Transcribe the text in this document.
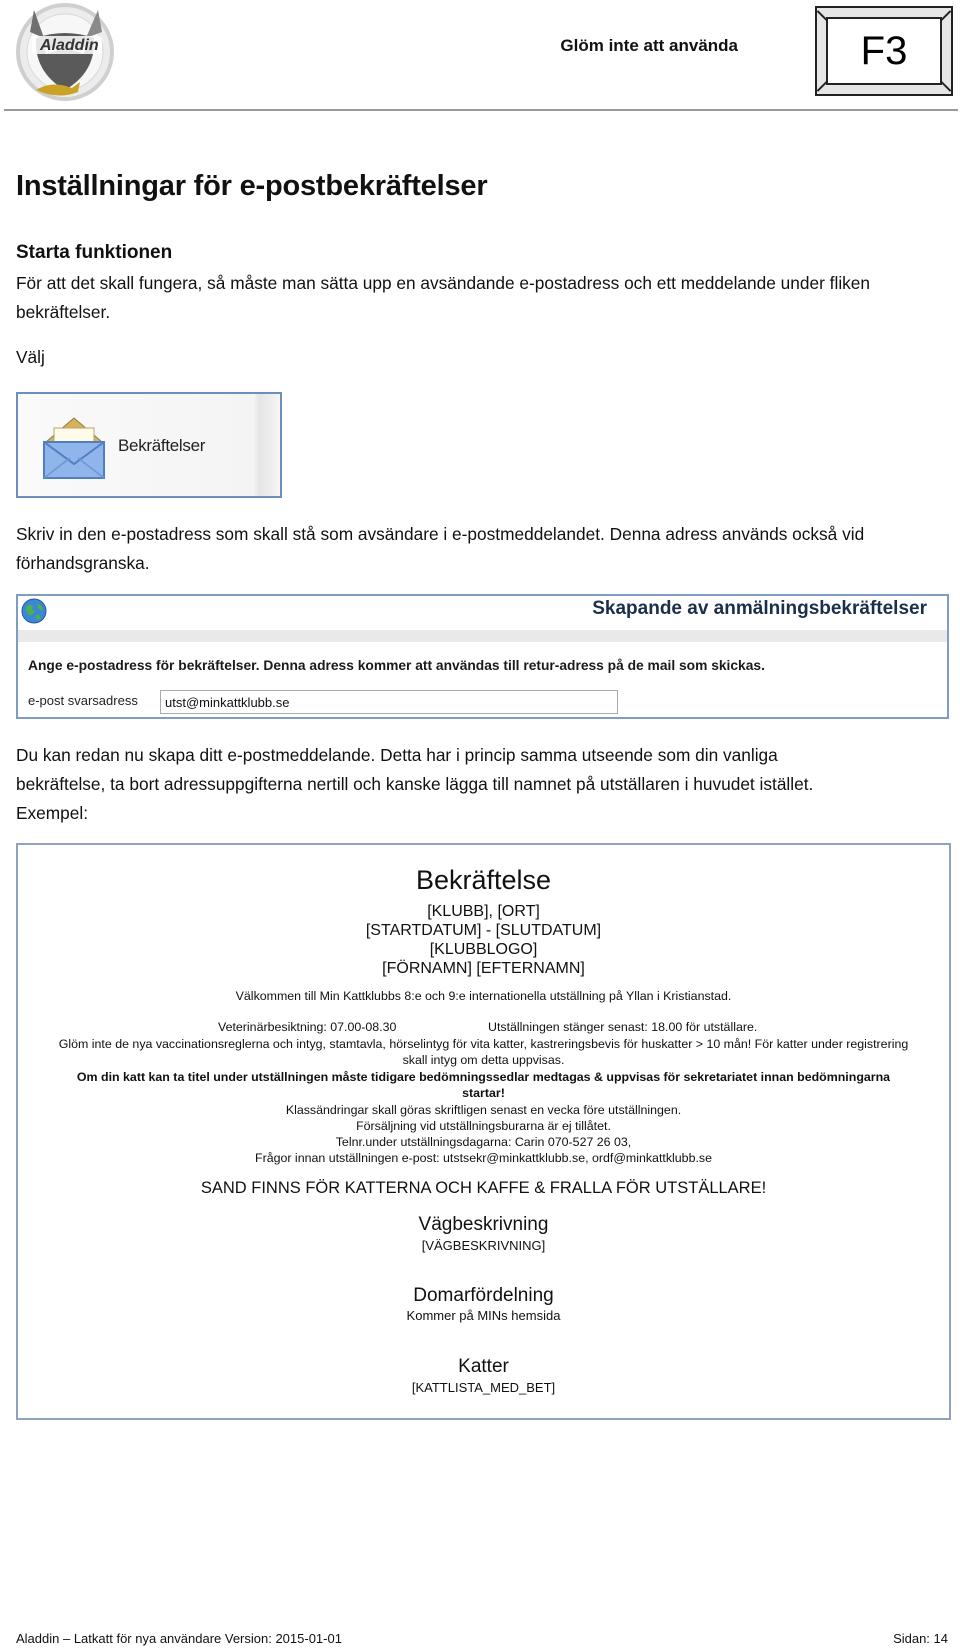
Aladdin	Glöm inte att använda	F3
Inställningar för e-postbekräftelser
Starta funktionen
För att det skall fungera, så måste man sätta upp en avsändande e-postadress och ett meddelande under fliken
bekräftelser.
Välj
Bekräftelser
Skriv in den e-postadress som skall stå som avsändare i e-postmeddelandet. Denna adress används också vid
förhandsgranska.
Skapande av anmälningsbekräftelser
Ange e-postadress för bekräftelser. Denna adress kommer att användas till retur-adress på de mail som skickas.
e-post svarsadress
utst@minkattklubb.se
Du kan redan nu skapa ditt e-postmeddelande. Detta har i princip samma utseende som din vanliga
bekräftelse, ta bort adressuppgifterna nertill och kanske lägga till namnet på utställaren i huvudet istället.
Exempel:
Bekräftelse
[KLUBB], [ORT]
[STARTDATUM] - [SLUTDATUM]
[KLUBBLOGO]
[FÖRNAMN] [EFTERNAMN]
Välkommen till Min Kattklubbs 8:e och 9:e internationella utställning på Yllan i Kristianstad.
Veterinärbesiktning: 07.00-08.30	Utställningen stänger senast: 18.00 för utställare.
Glöm inte de nya vaccinationsreglerna och intyg, stamtavla, hörselintyg för vita katter, kastreringsbevis för huskatter > 10 mån! För katter under registrering
skall intyg om detta uppvisas.
Om din katt kan ta titel under utställningen måste tidigare bedömningssedlar medtagas & uppvisas för sekretariatet innan bedömningarna
startar!
Klassändringar skall göras skriftligen senast en vecka före utställningen.
Försäljning vid utställningsburarna är ej tillåtet.
Telnr.under utställningsdagarna: Carin 070-527 26 03,
Frågor innan utställningen e-post: utstsekr@minkattklubb.se, ordf@minkattklubb.se
SAND FINNS FÖR KATTERNA OCH KAFFE & FRALLA FÖR UTSTÄLLARE!
Vägbeskrivning
[VÄGBESKRIVNING]
Domarfördelning
Kommer på MINs hemsida
Katter
[KATTLISTA_MED_BET]
Aladdin – Latkatt för nya användare Version: 2015-01-01	Sidan: 14
